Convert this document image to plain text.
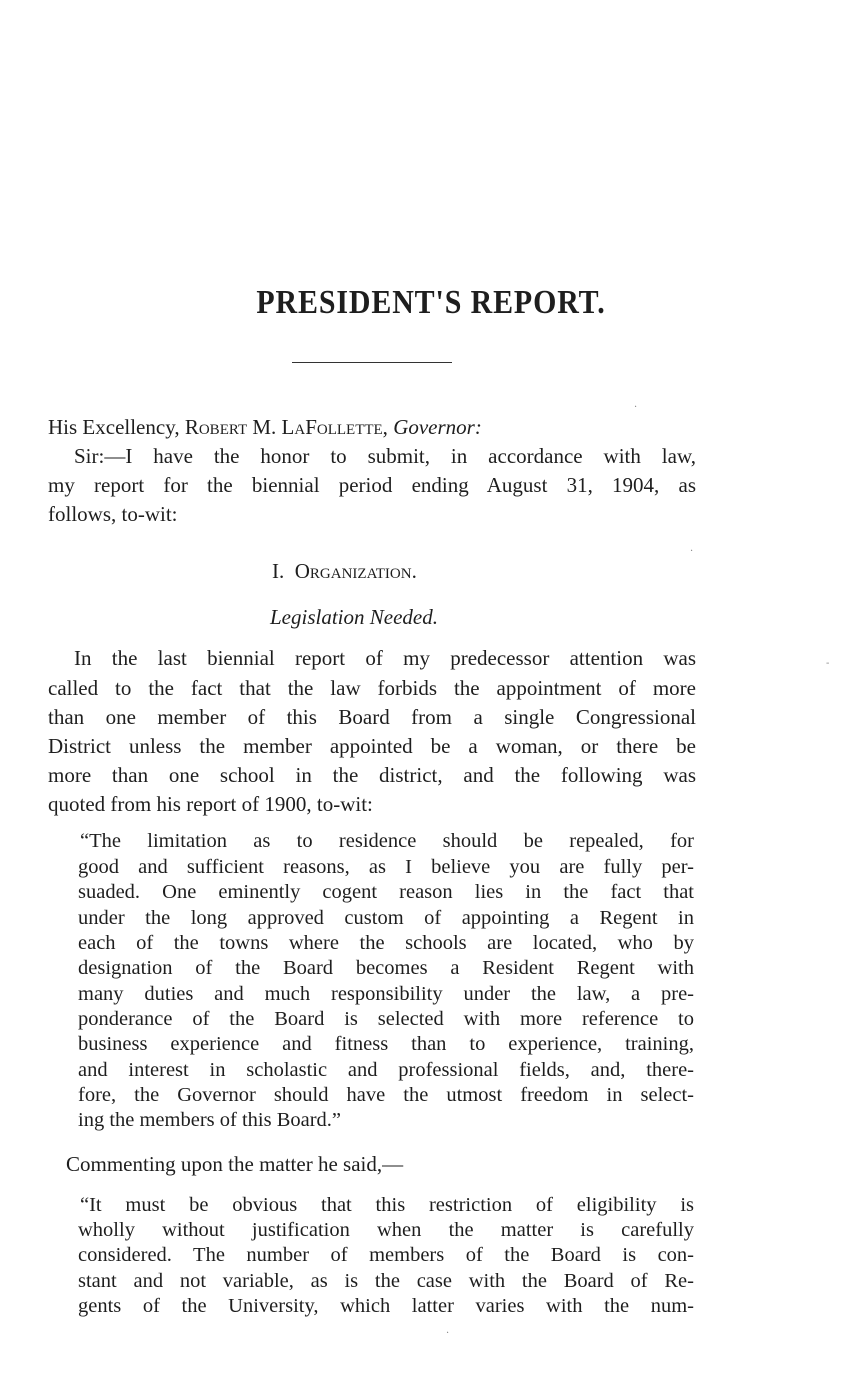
PRESIDENT'S REPORT.
·
·
-
·
His Excellency, Robert M. LaFollette, Governor:
Sir:—I have the honor to submit, in accordance with law,
my report for the biennial period ending August 31, 1904, as
follows, to-wit:
I. Organization.
Legislation Needed.
In the last biennial report of my predecessor attention was
called to the fact that the law forbids the appointment of more
than one member of this Board from a single Congressional
District unless the member appointed be a woman, or there be
more than one school in the district, and the following was
quoted from his report of 1900, to-wit:
“The limitation as to residence should be repealed, for
good and sufficient reasons, as I believe you are fully per-
suaded. One eminently cogent reason lies in the fact that
under the long approved custom of appointing a Regent in
each of the towns where the schools are located, who by
designation of the Board becomes a Resident Regent with
many duties and much responsibility under the law, a pre-
ponderance of the Board is selected with more reference to
business experience and fitness than to experience, training,
and interest in scholastic and professional fields, and, there-
fore, the Governor should have the utmost freedom in select-
ing the members of this Board.”
Commenting upon the matter he said,—
“It must be obvious that this restriction of eligibility is
wholly without justification when the matter is carefully
considered. The number of members of the Board is con-
stant and not variable, as is the case with the Board of Re-
gents of the University, which latter varies with the num-
